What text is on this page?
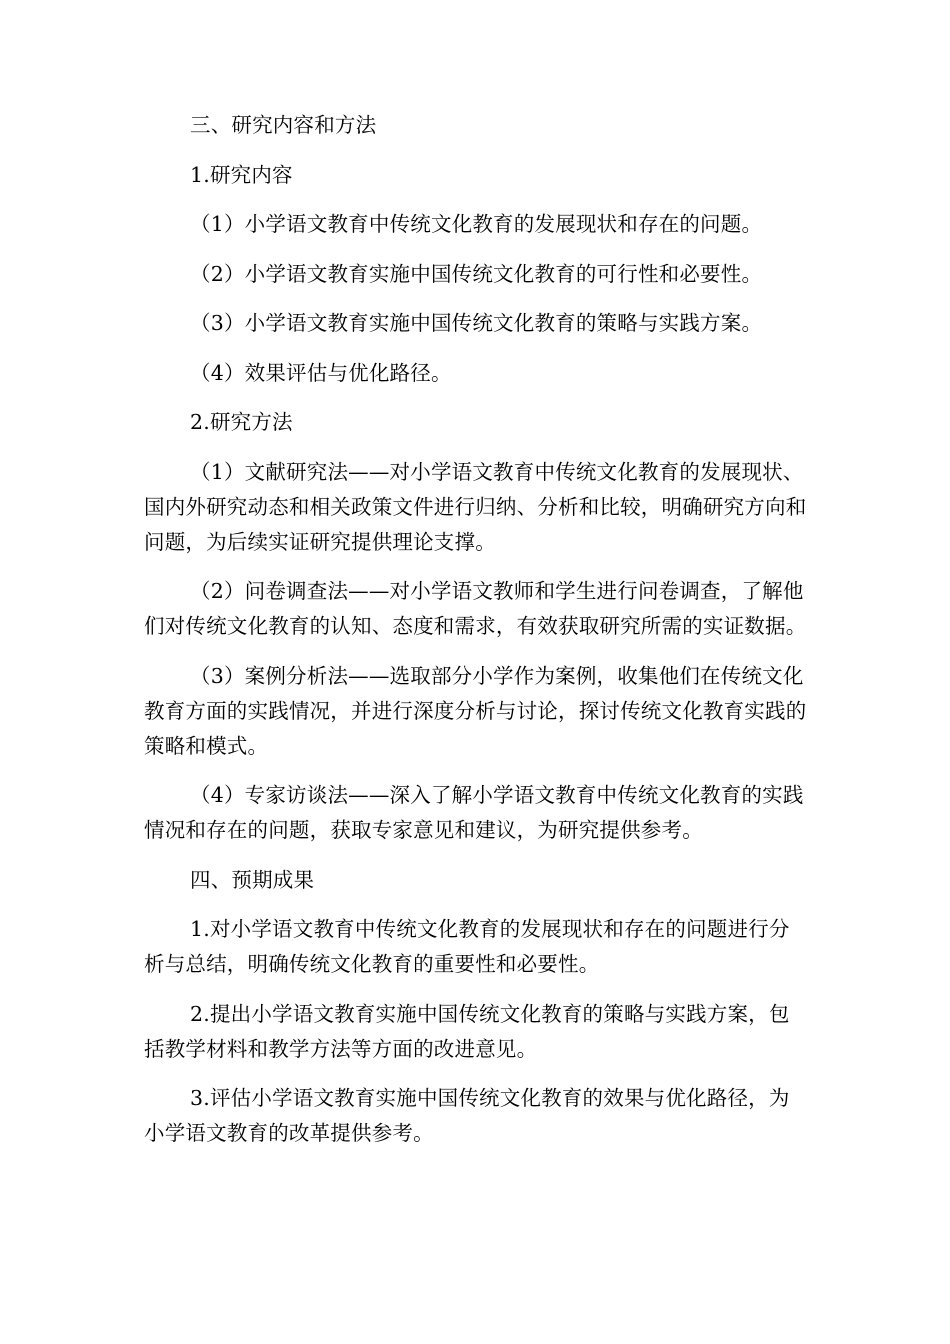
三、研究内容和方法

1.研究内容

（1）小学语文教育中传统文化教育的发展现状和存在的问题。

（2）小学语文教育实施中国传统文化教育的可行性和必要性。

（3）小学语文教育实施中国传统文化教育的策略与实践方案。

（4）效果评估与优化路径。

2.研究方法

（1）文献研究法——对小学语文教育中传统文化教育的发展现状、国内外研究动态和相关政策文件进行归纳、分析和比较，明确研究方向和问题，为后续实证研究提供理论支撑。

（2）问卷调查法——对小学语文教师和学生进行问卷调查，了解他们对传统文化教育的认知、态度和需求，有效获取研究所需的实证数据。

（3）案例分析法——选取部分小学作为案例，收集他们在传统文化教育方面的实践情况，并进行深度分析与讨论，探讨传统文化教育实践的策略和模式。

（4）专家访谈法——深入了解小学语文教育中传统文化教育的实践情况和存在的问题，获取专家意见和建议，为研究提供参考。

四、预期成果

1.对小学语文教育中传统文化教育的发展现状和存在的问题进行分析与总结，明确传统文化教育的重要性和必要性。

2.提出小学语文教育实施中国传统文化教育的策略与实践方案，包括教学材料和教学方法等方面的改进意见。

3.评估小学语文教育实施中国传统文化教育的效果与优化路径，为小学语文教育的改革提供参考。
